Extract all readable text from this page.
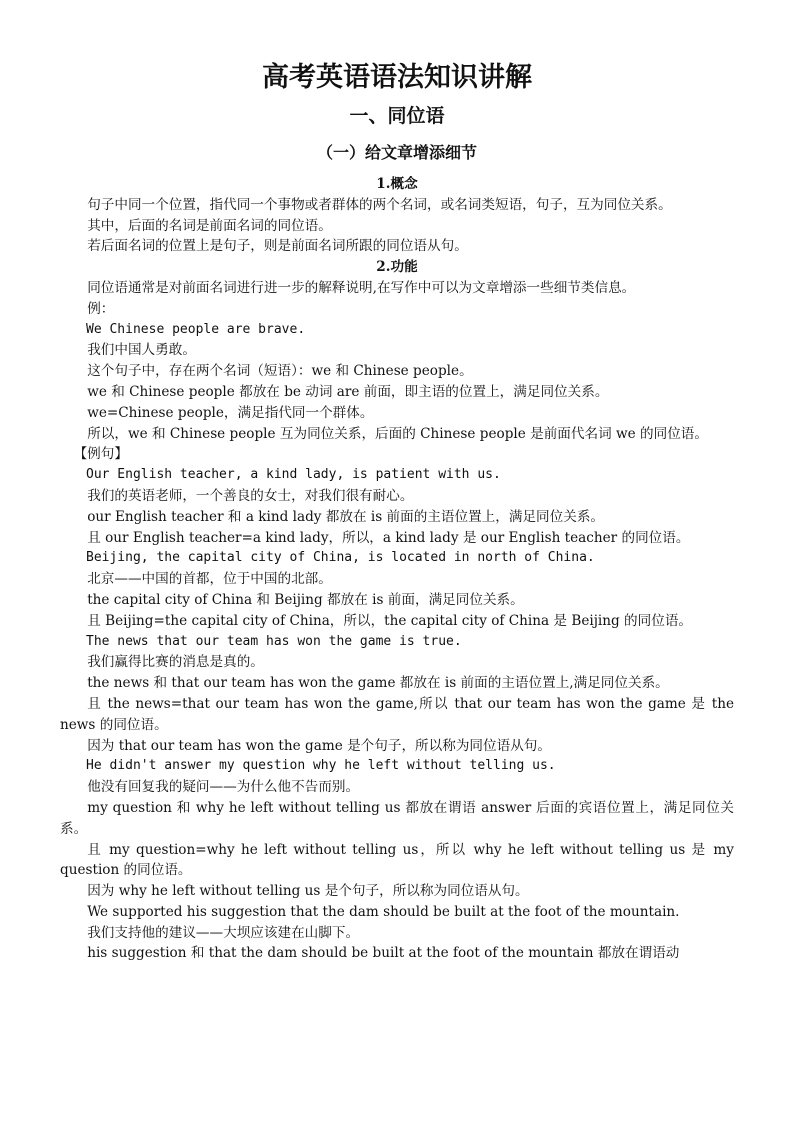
高考英语语法知识讲解
一、同位语
（一）给文章增添细节
1.概念

句子中同一个位置，指代同一个事物或者群体的两个名词，或名词类短语，句子，互为同位关系。

其中，后面的名词是前面名词的同位语。

若后面名词的位置上是句子，则是前面名词所跟的同位语从句。

2.功能

同位语通常是对前面名词进行进一步的解释说明,在写作中可以为文章增添一些细节类信息。

例：

We Chinese people are brave.

我们中国人勇敢。

这个句子中，存在两个名词（短语）：we 和 Chinese people。

we 和 Chinese people 都放在 be 动词 are 前面，即主语的位置上，满足同位关系。

we=Chinese people，满足指代同一个群体。

所以，we 和 Chinese people 互为同位关系，后面的 Chinese people 是前面代名词 we 的同位语。

【例句】

Our English teacher, a kind lady, is patient with us.

我们的英语老师，一个善良的女士，对我们很有耐心。

our English teacher 和 a kind lady 都放在 is 前面的主语位置上，满足同位关系。

且 our English teacher=a kind lady，所以，a kind lady 是 our English teacher 的同位语。

Beijing, the capital city of China, is located in north of China.

北京——中国的首都，位于中国的北部。

the capital city of China 和 Beijing 都放在 is 前面，满足同位关系。

且 Beijing=the capital city of China，所以，the capital city of China 是 Beijing 的同位语。

The news that our team has won the game is true.

我们赢得比赛的消息是真的。

the news 和 that our team has won the game 都放在 is 前面的主语位置上,满足同位关系。

且 the news=that our team has won the game,所以 that our team has won the game 是 the news 的同位语。

因为 that our team has won the game 是个句子，所以称为同位语从句。

He didn't answer my question why he left without telling us.

他没有回复我的疑问——为什么他不告而别。

my question 和 why he left without telling us 都放在谓语 answer 后面的宾语位置上，满足同位关系。

且 my question=why he left without telling us，所以 why he left without telling us 是 my question 的同位语。

因为 why he left without telling us 是个句子，所以称为同位语从句。

We supported his suggestion that the dam should be built at the foot of the mountain.

我们支持他的建议——大坝应该建在山脚下。

his suggestion 和 that the dam should be built at the foot of the mountain 都放在谓语动
